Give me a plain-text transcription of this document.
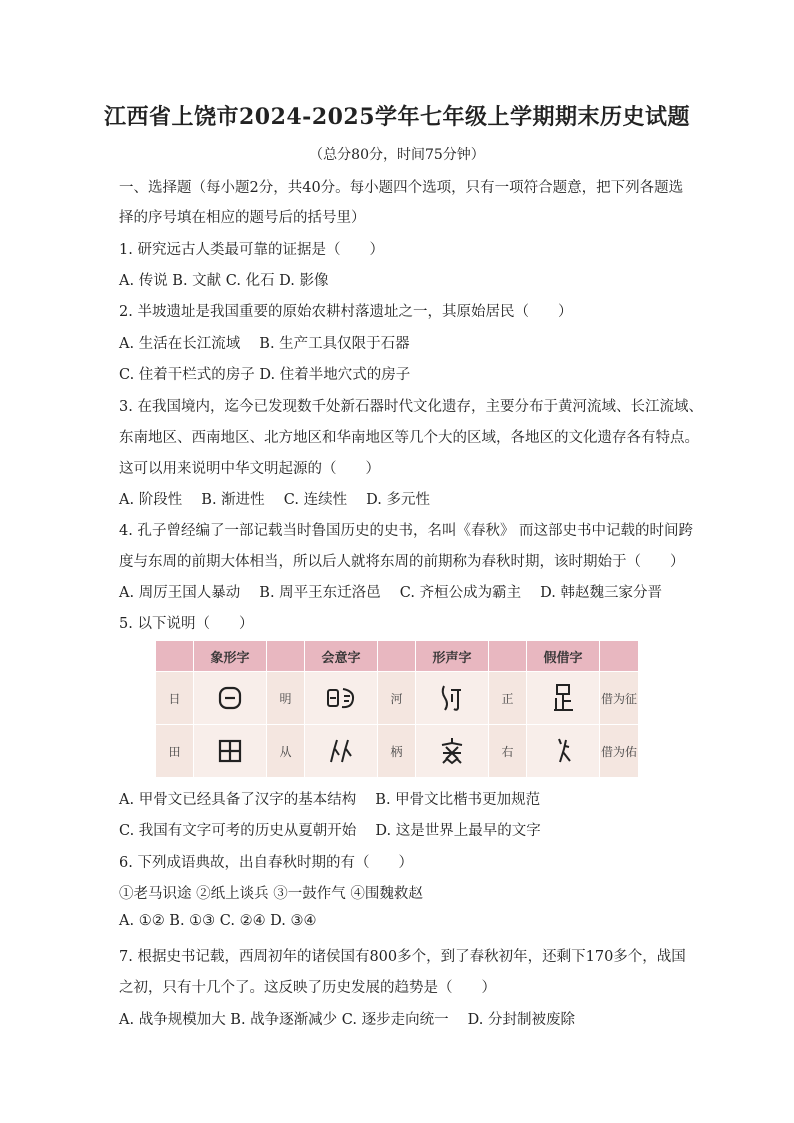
江西省上饶市2024-2025学年七年级上学期期末历史试题
（总分80分，时间75分钟）
一、选择题（每小题2分，共40分。每小题四个选项，只有一项符合题意，把下列各题选
择的序号填在相应的题号后的括号里）
1. 研究远古人类最可靠的证据是（　　）
A. 传说 B. 文献 C. 化石 D. 影像
2. 半坡遗址是我国重要的原始农耕村落遗址之一，其原始居民（　　）
A. 生活在长江流域　 B. 生产工具仅限于石器
C. 住着干栏式的房子 D. 住着半地穴式的房子
3. 在我国境内，迄今已发现数千处新石器时代文化遗存，主要分布于黄河流域、长江流域、
东南地区、西南地区、北方地区和华南地区等几个大的区域，各地区的文化遗存各有特点。
这可以用来说明中华文明起源的（　　）
A. 阶段性　 B. 渐进性　 C. 连续性　 D. 多元性
4. 孔子曾经编了一部记载当时鲁国历史的史书，名叫《春秋》 而这部史书中记载的时间跨
度与东周的前期大体相当，所以后人就将东周的前期称为春秋时期，该时期始于（　　）
A. 周厉王国人暴动　 B. 周平王东迁洛邑　 C. 齐桓公成为霸主　 D. 韩赵魏三家分晋
5. 以下说明（　　）
	象形字		会意字		形声字		假借字	
日		明		河		正		借为征
田		从		柄		右		借为佑
A. 甲骨文已经具备了汉字的基本结构　 B. 甲骨文比楷书更加规范
C. 我国有文字可考的历史从夏朝开始　 D. 这是世界上最早的文字
6. 下列成语典故，出自春秋时期的有（　　）
①老马识途 ②纸上谈兵 ③一鼓作气 ④围魏救赵
A. ①② B. ①③ C. ②④ D. ③④
7. 根据史书记载，西周初年的诸侯国有800多个，到了春秋初年，还剩下170多个，战国
之初，只有十几个了。这反映了历史发展的趋势是（　　）
A. 战争规模加大 B. 战争逐渐减少 C. 逐步走向统一　 D. 分封制被废除
